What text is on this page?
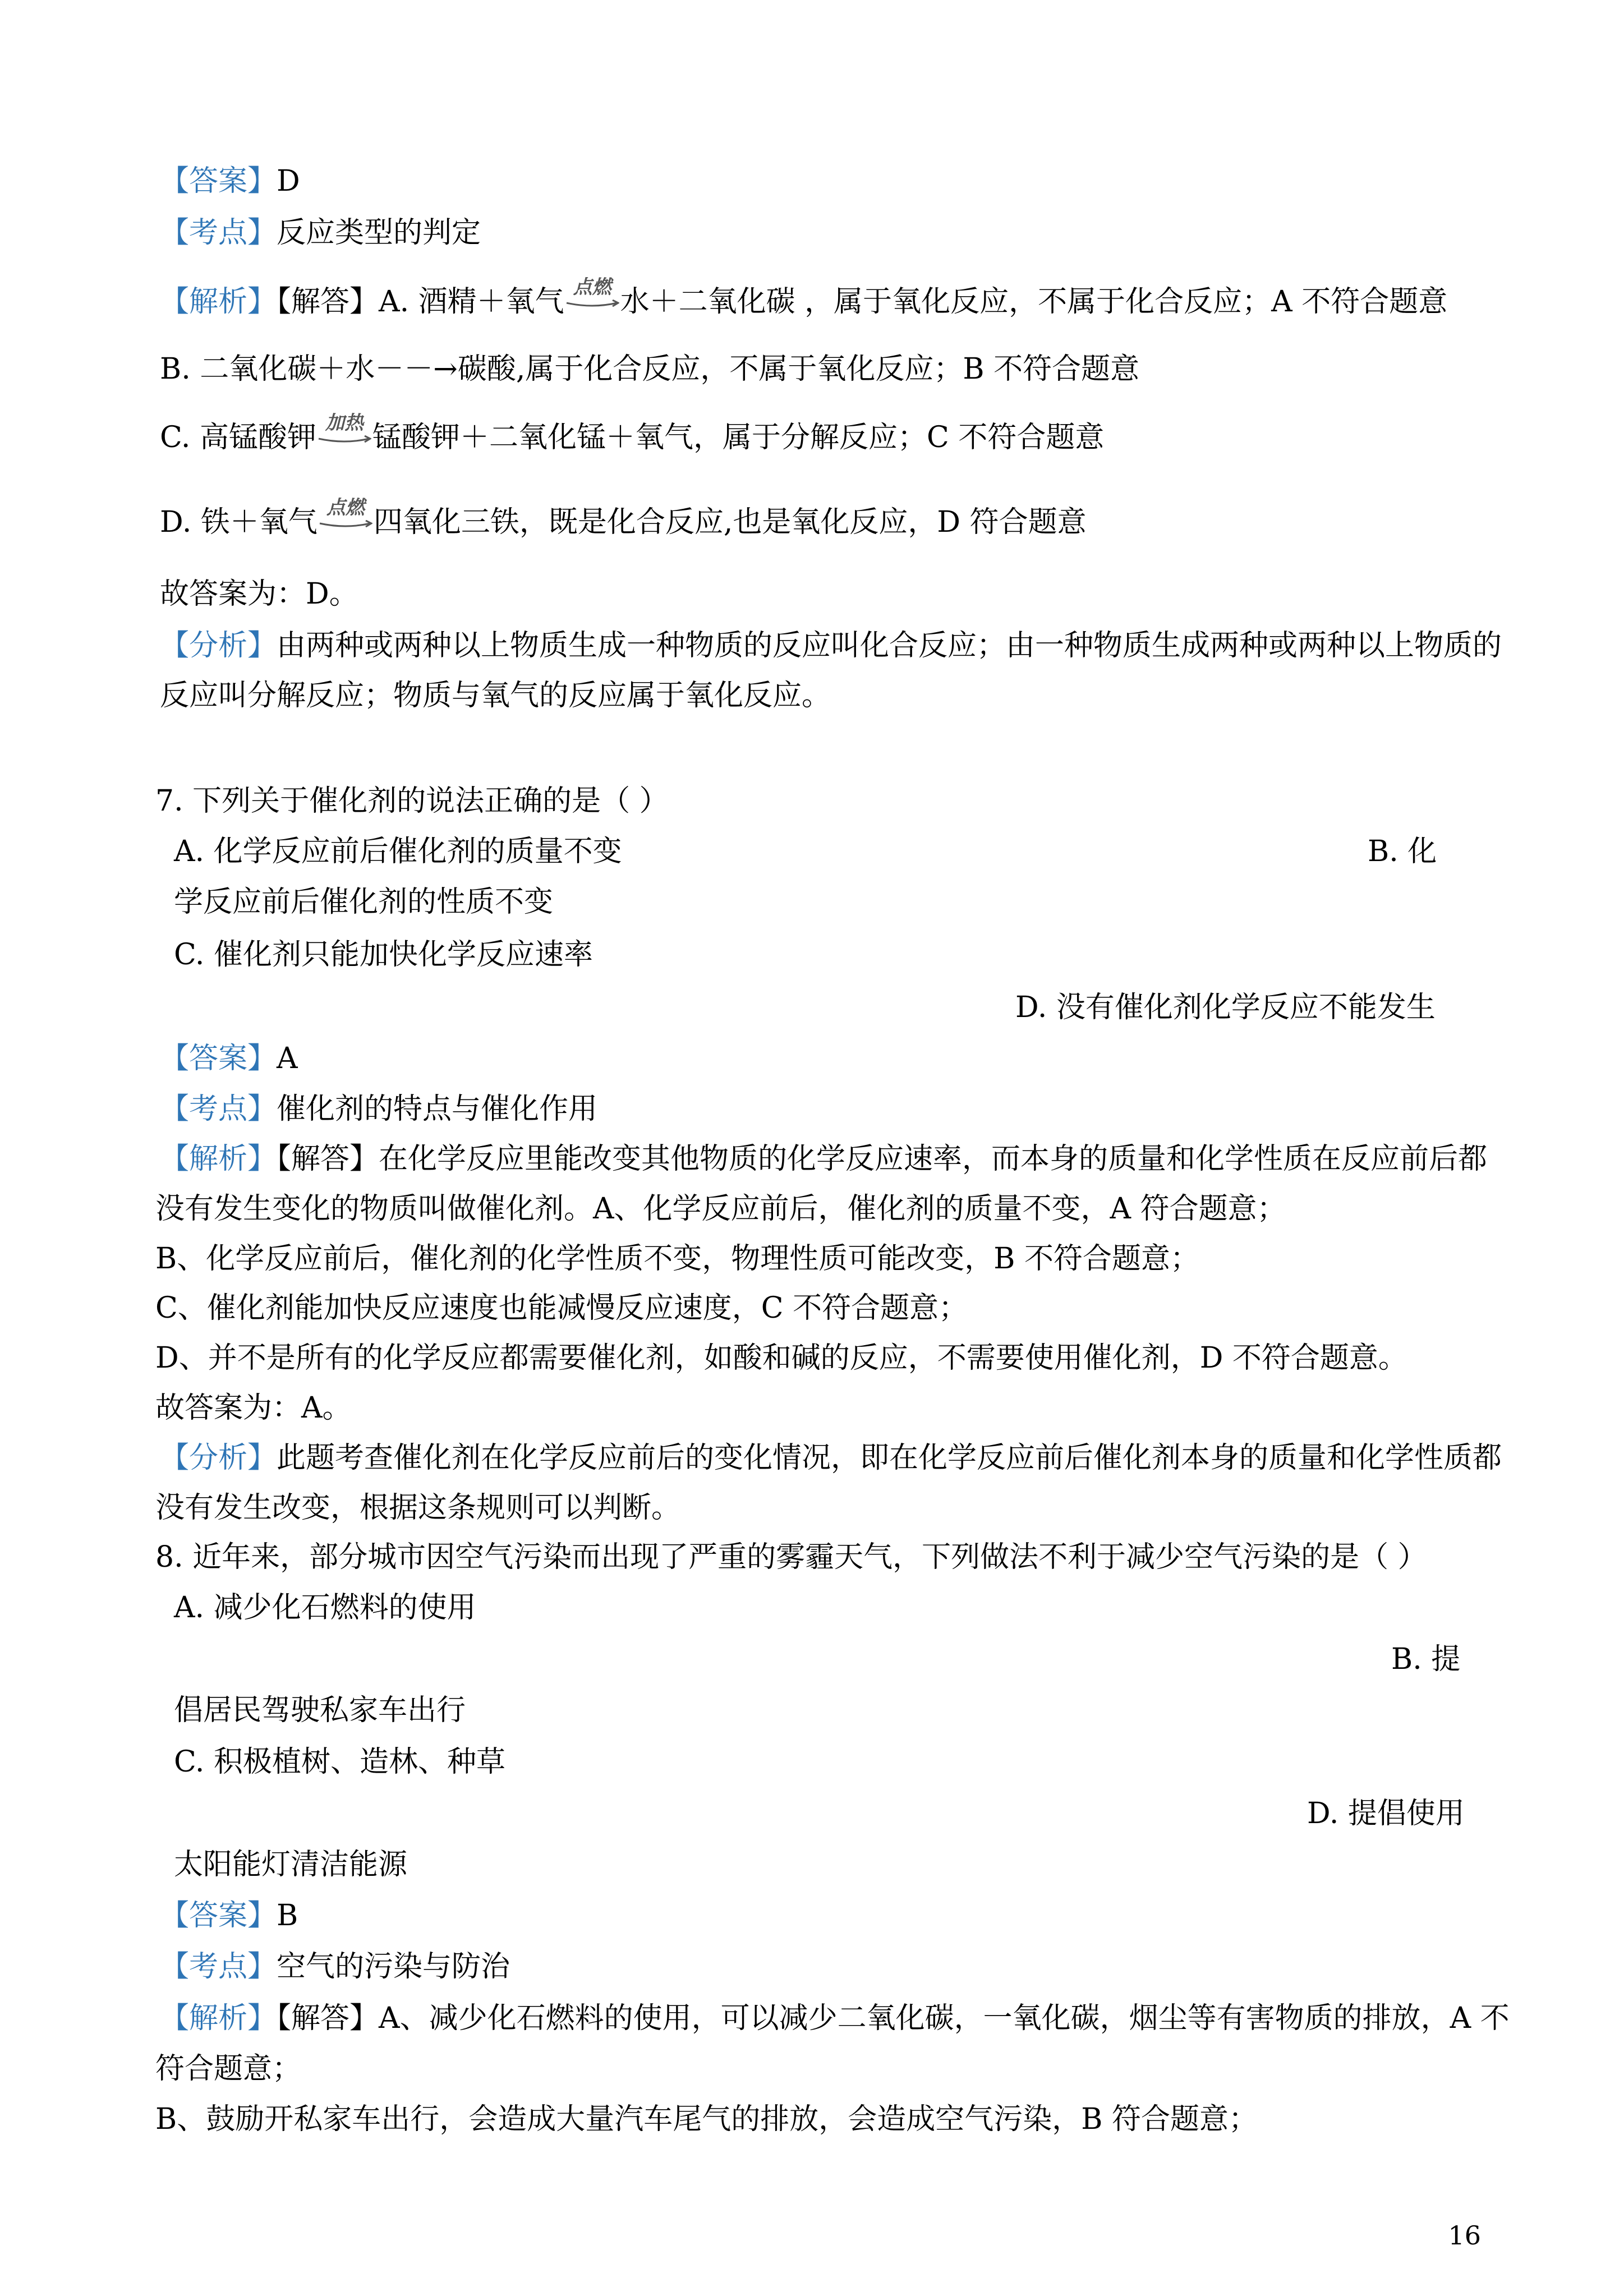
【答案】D
【考点】反应类型的判定
【解析】【解答】A. 酒精＋氧气 点燃 水＋二氧化碳 ，属于氧化反应，不属于化合反应；A 不符合题意
B. 二氧化碳＋水－－→碳酸,属于化合反应，不属于氧化反应；B 不符合题意
C. 高锰酸钾 加热 锰酸钾＋二氧化锰＋氧气，属于分解反应；C 不符合题意
D. 铁＋氧气 点燃 四氧化三铁，既是化合反应,也是氧化反应，D 符合题意
故答案为：D。
【分析】由两种或两种以上物质生成一种物质的反应叫化合反应；由一种物质生成两种或两种以上物质的
反应叫分解反应；物质与氧气的反应属于氧化反应。
7. 下列关于催化剂的说法正确的是（ ）
A. 化学反应前后催化剂的质量不变	B. 化
学反应前后催化剂的性质不变
C. 催化剂只能加快化学反应速率
D. 没有催化剂化学反应不能发生
【答案】A
【考点】催化剂的特点与催化作用
【解析】【解答】在化学反应里能改变其他物质的化学反应速率，而本身的质量和化学性质在反应前后都
没有发生变化的物质叫做催化剂。A、化学反应前后，催化剂的质量不变，A 符合题意；
B、化学反应前后，催化剂的化学性质不变，物理性质可能改变，B 不符合题意；
C、催化剂能加快反应速度也能减慢反应速度，C 不符合题意；
D、并不是所有的化学反应都需要催化剂，如酸和碱的反应，不需要使用催化剂，D 不符合题意。
故答案为：A。
【分析】此题考查催化剂在化学反应前后的变化情况，即在化学反应前后催化剂本身的质量和化学性质都
没有发生改变，根据这条规则可以判断。
8. 近年来，部分城市因空气污染而出现了严重的雾霾天气，下列做法不利于减少空气污染的是（ ）
A. 减少化石燃料的使用
B. 提
倡居民驾驶私家车出行
C. 积极植树、造林、种草
D. 提倡使用
太阳能灯清洁能源
【答案】B
【考点】空气的污染与防治
【解析】【解答】A、减少化石燃料的使用，可以减少二氧化碳，一氧化碳，烟尘等有害物质的排放，A 不
符合题意；
B、鼓励开私家车出行，会造成大量汽车尾气的排放，会造成空气污染，B 符合题意；
16
